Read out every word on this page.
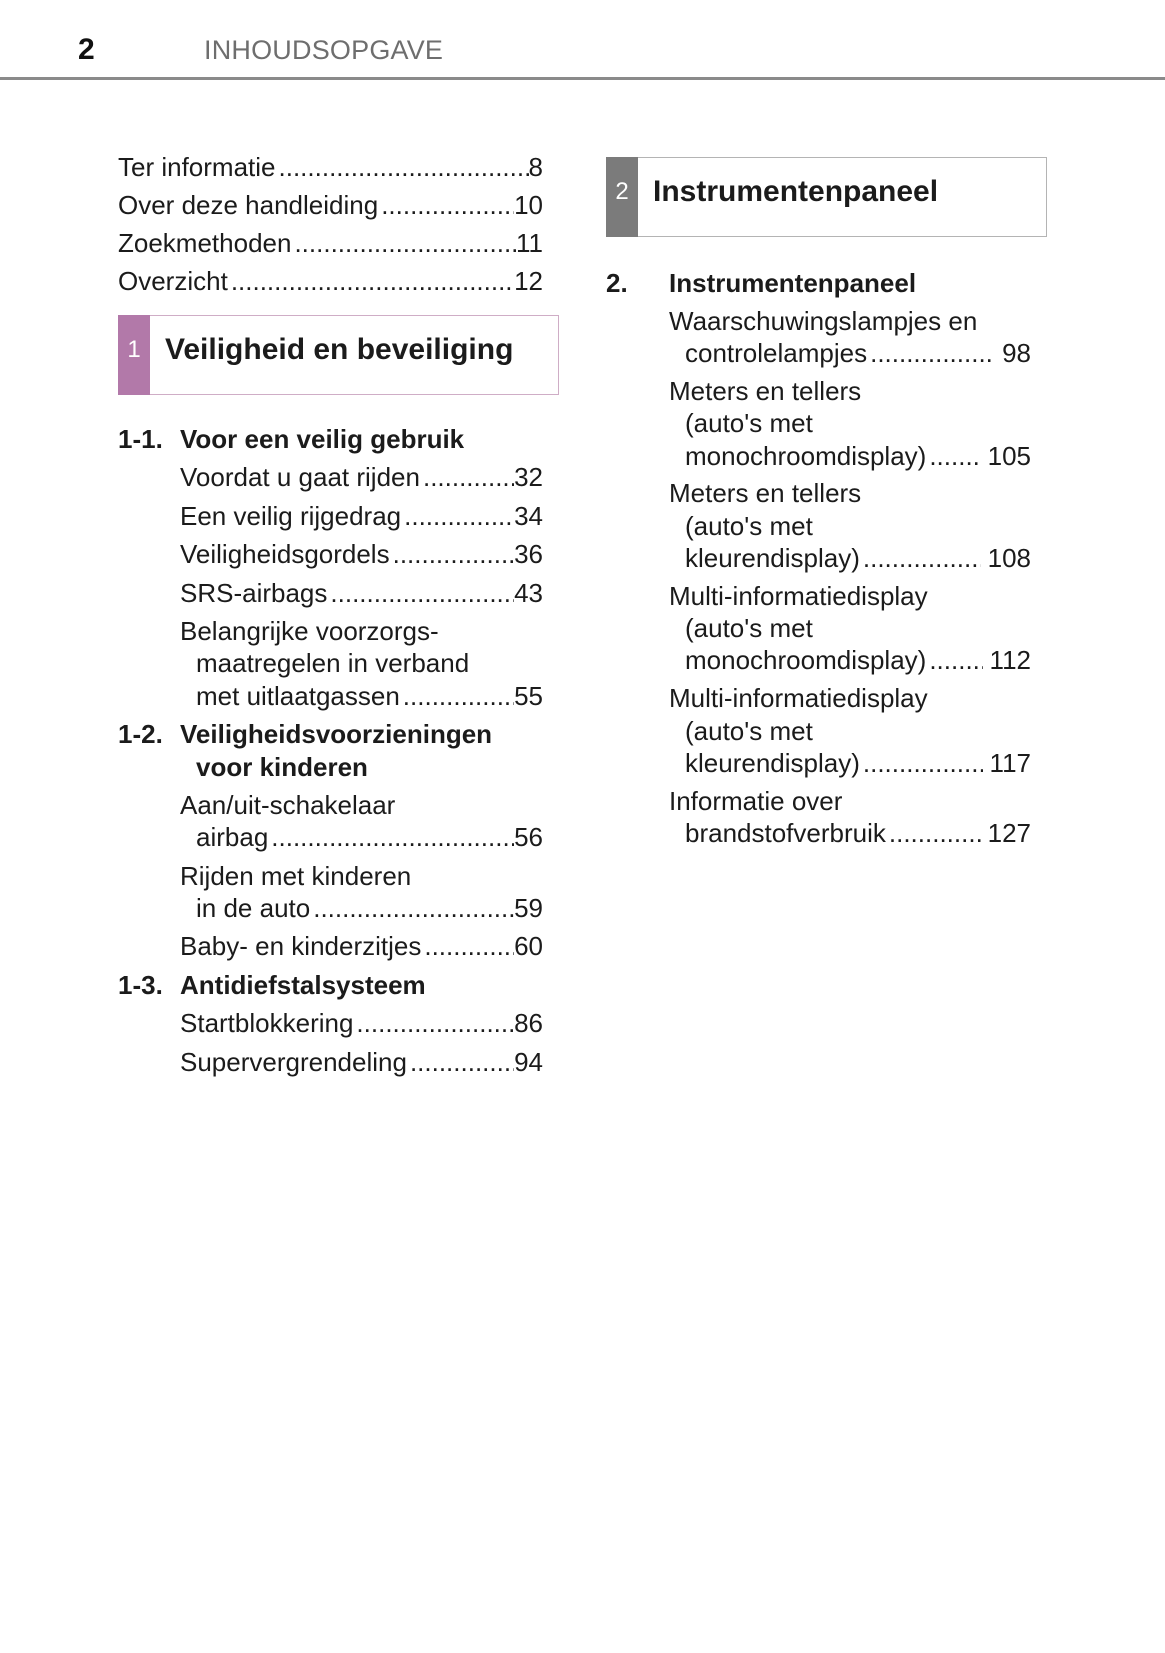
2	INHOUDSOPGAVE
Ter informatie .....	8
Over deze handleiding .....	10
Zoekmethoden .....	11
Overzicht .....	12
1 Veiligheid en beveiliging
1-1. Voor een veilig gebruik
Voordat u gaat rijden .....	32
Een veilig rijgedrag .....	34
Veiligheidsgordels .....	36
SRS-airbags .....	43
Belangrijke voorzorgs-
maatregelen in verband
met uitlaatgassen .....	55
1-2. Veiligheidsvoorzieningen
voor kinderen
Aan/uit-schakelaar
airbag .....	56
Rijden met kinderen
in de auto .....	59
Baby- en kinderzitjes .....	60
1-3. Antidiefstalsysteem
Startblokkering .....	86
Supervergrendeling .....	94
2 Instrumentenpaneel
2. Instrumentenpaneel
Waarschuwingslampjes en
controlelampjes .....	98
Meters en tellers
(auto's met
monochroomdisplay) ..... 105
Meters en tellers
(auto's met
kleurendisplay) .....	108
Multi-informatiedisplay
(auto's met
monochroomdisplay) ..... 112
Multi-informatiedisplay
(auto's met
kleurendisplay) .....	117
Informatie over
brandstofverbruik .....	127
